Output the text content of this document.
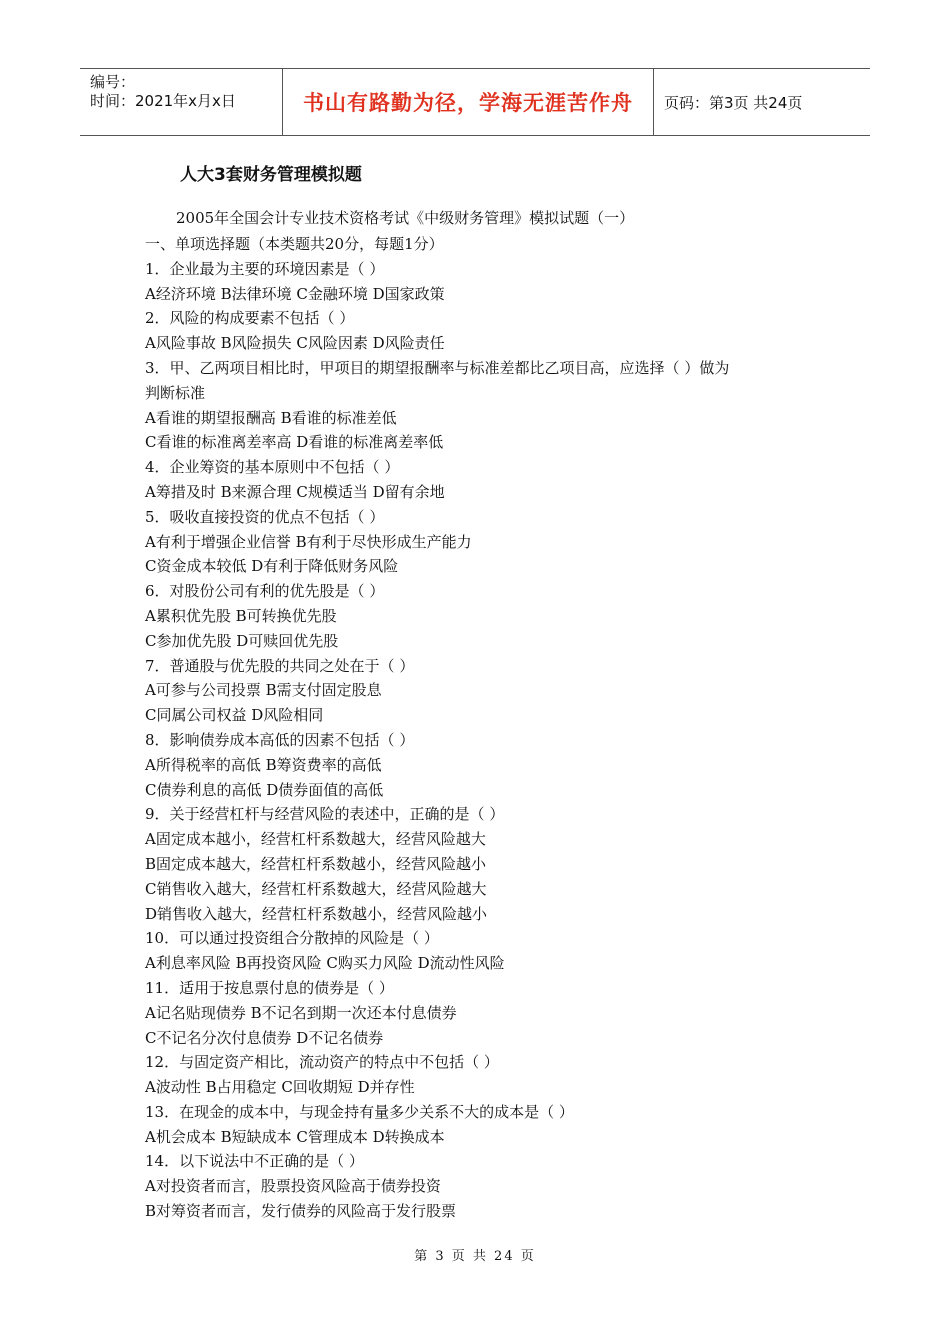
编号：
时间：2021年x月x日	书山有路勤为径，学海无涯苦作舟	页码：第3页 共24页
人大3套财务管理模拟题
2005年全国会计专业技术资格考试《中级财务管理》模拟试题（一）
一、单项选择题（本类题共20分，每题1分）
1．企业最为主要的环境因素是（ ）
A经济环境 B法律环境 C金融环境 D国家政策
2．风险的构成要素不包括（ ）
A风险事故 B风险损失 C风险因素 D风险责任
3．甲、乙两项目相比时，甲项目的期望报酬率与标准差都比乙项目高，应选择（ ）做为
判断标准
A看谁的期望报酬高 B看谁的标准差低
C看谁的标准离差率高 D看谁的标准离差率低
4．企业筹资的基本原则中不包括（ ）
A筹措及时 B来源合理 C规模适当 D留有余地
5．吸收直接投资的优点不包括（ ）
A有利于增强企业信誉 B有利于尽快形成生产能力
C资金成本较低 D有利于降低财务风险
6．对股份公司有利的优先股是（ ）
A累积优先股 B可转换优先股
C参加优先股 D可赎回优先股
7．普通股与优先股的共同之处在于（ ）
A可参与公司投票 B需支付固定股息
C同属公司权益 D风险相同
8．影响债券成本高低的因素不包括（ ）
A所得税率的高低 B筹资费率的高低
C债券利息的高低 D债券面值的高低
9．关于经营杠杆与经营风险的表述中，正确的是（ ）
A固定成本越小，经营杠杆系数越大，经营风险越大
B固定成本越大，经营杠杆系数越小，经营风险越小
C销售收入越大，经营杠杆系数越大，经营风险越大
D销售收入越大，经营杠杆系数越小，经营风险越小
10．可以通过投资组合分散掉的风险是（ ）
A利息率风险 B再投资风险 C购买力风险 D流动性风险
11．适用于按息票付息的债券是（ ）
A记名贴现债券 B不记名到期一次还本付息债券
C不记名分次付息债券 D不记名债券
12．与固定资产相比，流动资产的特点中不包括（ ）
A波动性 B占用稳定 C回收期短 D并存性
13．在现金的成本中，与现金持有量多少关系不大的成本是（ ）
A机会成本 B短缺成本 C管理成本 D转换成本
14．以下说法中不正确的是（ ）
A对投资者而言，股票投资风险高于债券投资
B对筹资者而言，发行债券的风险高于发行股票
第 3 页 共 24 页
